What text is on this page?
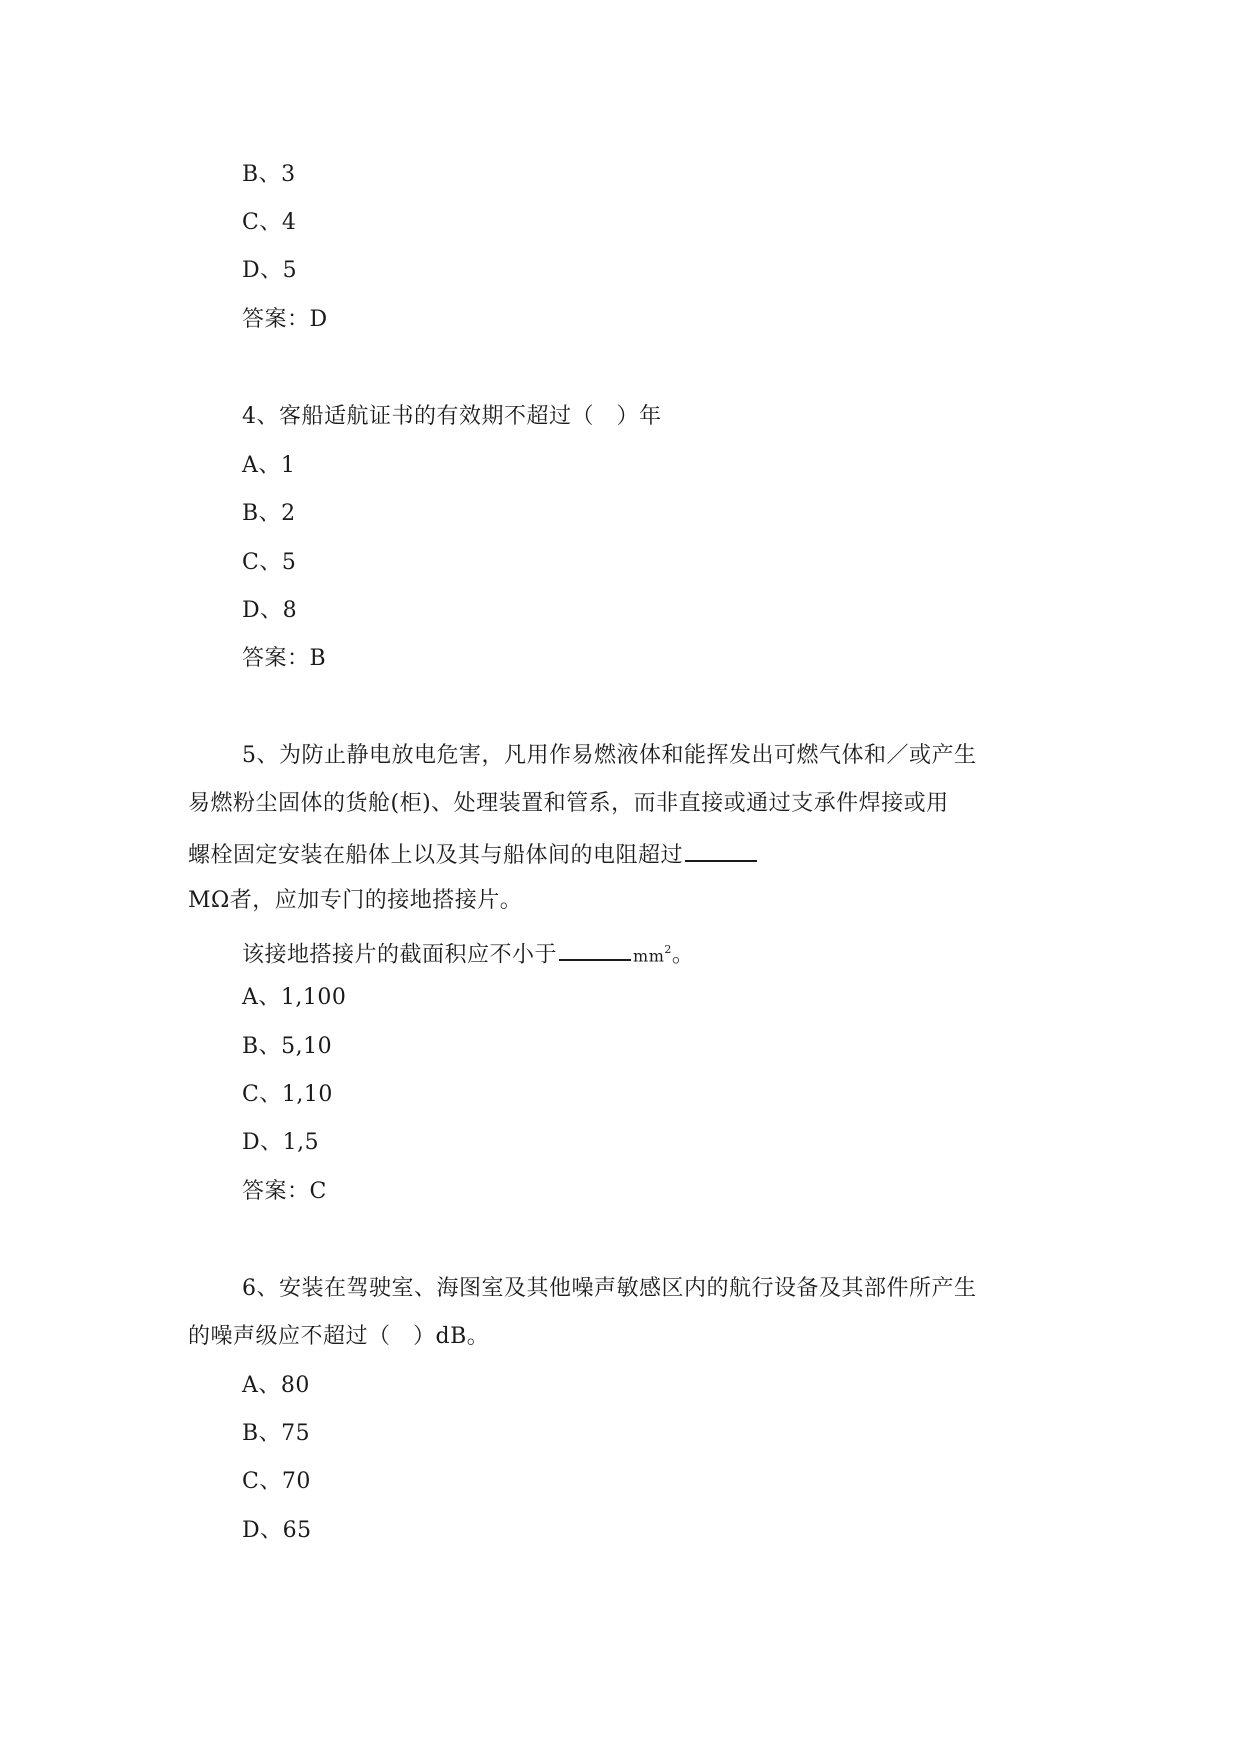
B、3
C、4
D、5
答案：D
4、客船适航证书的有效期不超过（　）年
A、1
B、2
C、5
D、8
答案：B
5、为防止静电放电危害，凡用作易燃液体和能挥发出可燃气体和／或产生
易燃粉尘固体的货舱(柜)、处理装置和管系，而非直接或通过支承件焊接或用
螺栓固定安装在船体上以及其与船体间的电阻超过
MΩ者，应加专门的接地搭接片。
该接地搭接片的截面积应不小于	$mm^2$。
A、1,100
B、5,10
C、1,10
D、1,5
答案：C
6、安装在驾驶室、海图室及其他噪声敏感区内的航行设备及其部件所产生
的噪声级应不超过（　）dB。
A、80
B、75
C、70
D、65
